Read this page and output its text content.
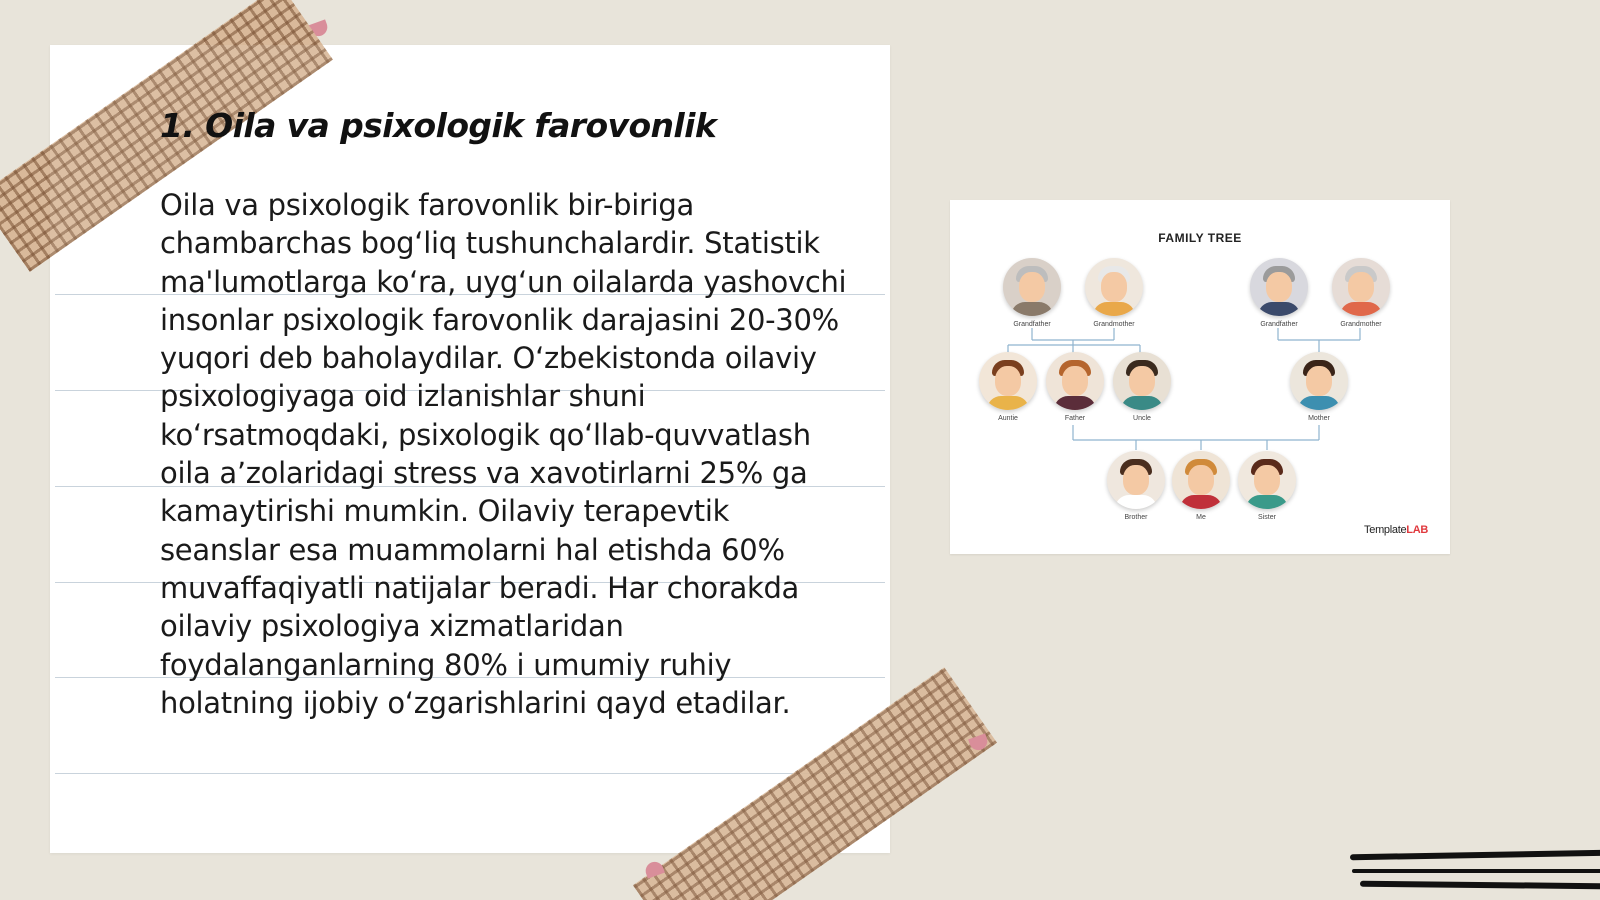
1. Oila va psixologik farovonlik

Oila va psixologik farovonlik bir-biriga chambarchas bog‘liq tushunchalardir. Statistik ma'lumotlarga ko‘ra, uyg‘un oilalarda yashovchi insonlar psixologik farovonlik darajasini 20-30% yuqori deb baholaydilar. O‘zbekistonda oilaviy psixologiyaga oid izlanishlar shuni ko‘rsatmoqdaki, psixologik qo‘llab-quvvatlash oila a’zolaridagi stress va xavotirlarni 25% ga kamaytirishi mumkin. Oilaviy terapevtik seanslar esa muammolarni hal etishda 60% muvaffaqiyatli natijalar beradi. Har chorakda oilaviy psixologiya xizmatlaridan foydalanganlarning 80% i umumiy ruhiy holatning ijobiy o‘zgarishlarini qayd etadilar.

FAMILY TREE
Grandfather	Grandmother	Grandfather	Grandmother
Auntie	Father	Uncle	Mother
Brother	Me	Sister
TemplateLAB
